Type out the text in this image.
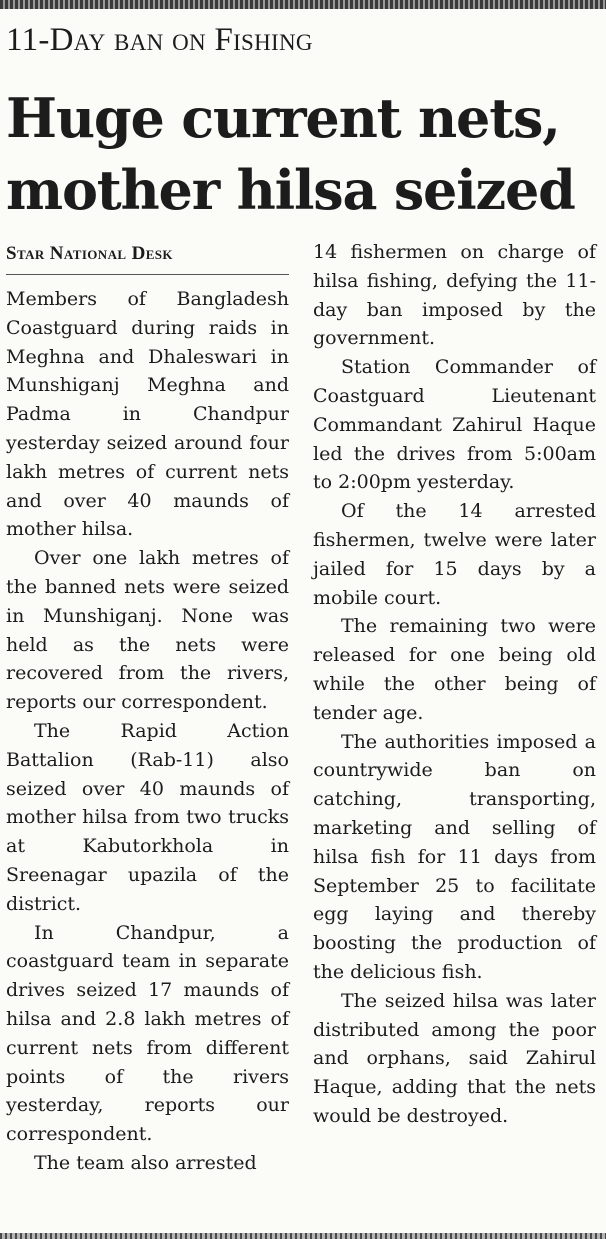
11-Day ban on Fishing
Huge current nets,
mother hilsa seized
Star National Desk

Members of Bangladesh Coastguard during raids in Meghna and Dhaleswari in Munshiganj Meghna and Padma in Chandpur yesterday seized around four lakh metres of current nets and over 40 maunds of mother hilsa.

Over one lakh metres of the banned nets were seized in Munshiganj. None was held as the nets were recovered from the rivers, reports our correspondent.

The Rapid Action Battalion (Rab-11) also seized over 40 maunds of mother hilsa from two trucks at Kabutorkhola in Sreenagar upazila of the district.

In Chandpur, a coastguard team in separate drives seized 17 maunds of hilsa and 2.8 lakh metres of current nets from different points of the rivers yesterday, reports our correspondent.

The team also arrested

14 fishermen on charge of hilsa fishing, defying the 11-day ban imposed by the government.

Station Commander of Coastguard Lieutenant Commandant Zahirul Haque led the drives from 5:00am to 2:00pm yesterday.

Of the 14 arrested fishermen, twelve were later jailed for 15 days by a mobile court.

The remaining two were released for one being old while the other being of tender age.

The authorities imposed a countrywide ban on catching, transporting, marketing and selling of hilsa fish for 11 days from September 25 to facilitate egg laying and thereby boosting the production of the delicious fish.

The seized hilsa was later distributed among the poor and orphans, said Zahirul Haque, adding that the nets would be destroyed.
